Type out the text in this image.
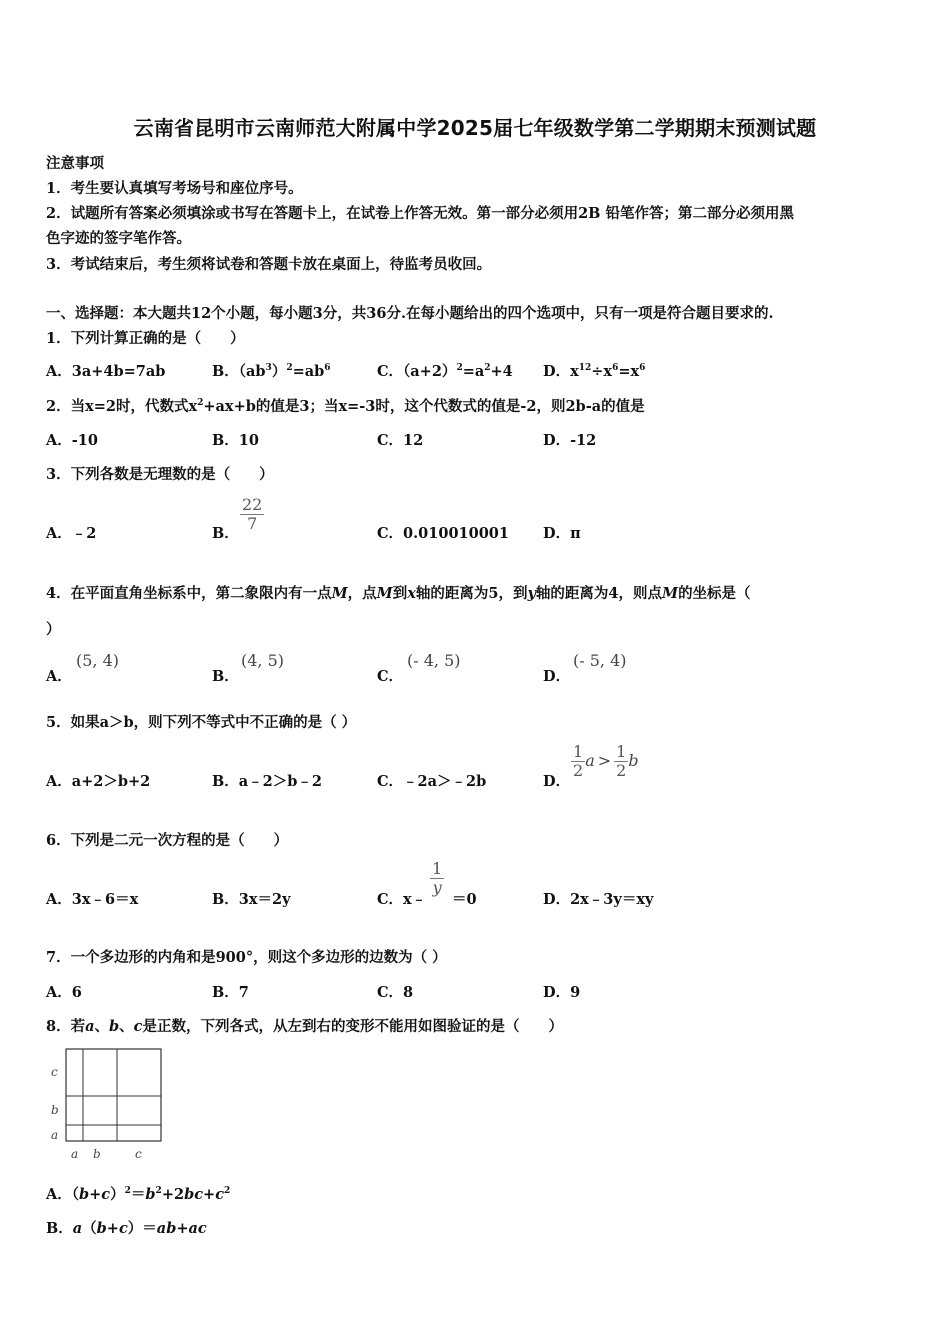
云南省昆明市云南师范大附属中学2025届七年级数学第二学期期末预测试题
注意事项
1．考生要认真填写考场号和座位序号。
2．试题所有答案必须填涂或书写在答题卡上，在试卷上作答无效。第一部分必须用2B 铅笔作答；第二部分必须用黑
色字迹的签字笔作答。
3．考试结束后，考生须将试卷和答题卡放在桌面上，待监考员收回。
一、选择题：本大题共12个小题，每小题3分，共36分.在每小题给出的四个选项中，只有一项是符合题目要求的.
1．下列计算正确的是（　　）
A．3a+4b=7ab	B．$(ab^3)^2=ab^6$	C．$(a+2)^2=a^2+4$ D．$x^{12}\div x^6=x^6$
2．当x=2时，代数式$x^2+ax+b$的值是3；当x=-3时，这个代数式的值是-2，则2b-a的值是
A．-10	B．10	C．12	D．-12
3．下列各数是无理数的是（　　）
A．﹣2	B．
$\frac{22}{7}$
C．0.010010001 D．π
4．在平面直角坐标系中，第二象限内有一点M，点M到x轴的距离为5，到y轴的距离为4，则点M的坐标是（
）
A．
(5, 4)
B．
(4, 5)
C．
(- 4, 5)
D．
(- 5, 4)
5．如果a＞b，则下列不等式中不正确的是（ ）
A．a+2＞b+2	B．a﹣2＞b﹣2	C．﹣2a＞﹣2b	D．
$\frac{1}{2}$ $a > \frac{1}{2}$ b
6．下列是二元一次方程的是（　　）
A．3x﹣6＝x	B．3x＝2y	C．x﹣
$\frac{1}{y}$
＝0	D．2x﹣3y＝xy
7．一个多边形的内角和是900°，则这个多边形的边数为（ ）
A．6	B．7	C．8	D．9
8．若a、b、c是正数，下列各式，从左到右的变形不能用如图验证的是（　　）
c
b
a
a b	c
A．$(b+c)^2=b^2+2bc+c^2$
B．a（b+c）＝ab+ac
